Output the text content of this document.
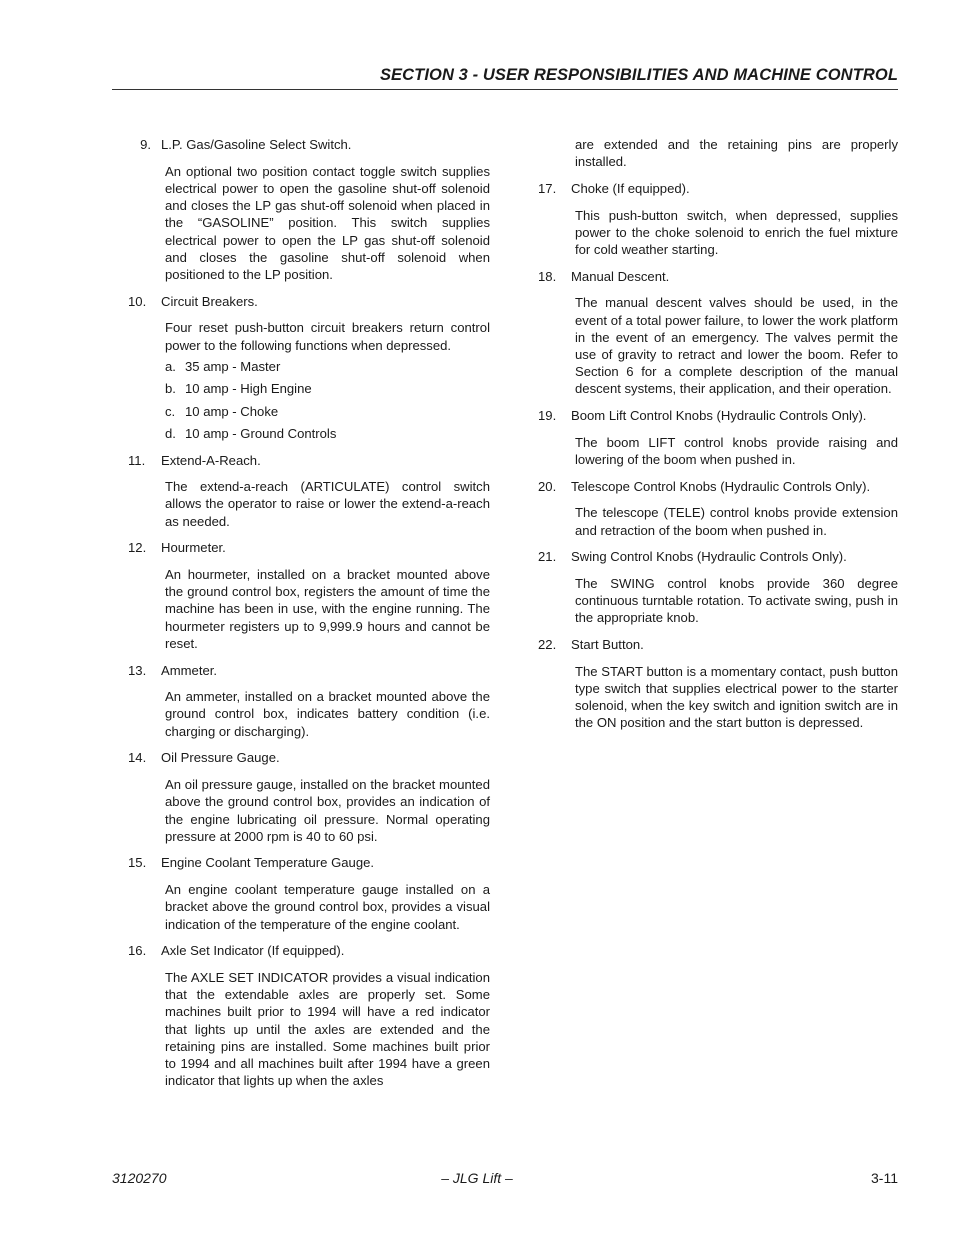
SECTION 3 - USER RESPONSIBILITIES AND MACHINE CONTROL
9. L.P. Gas/Gasoline Select Switch.
An optional two position contact toggle switch supplies electrical power to open the gasoline shut-off solenoid and closes the LP gas shut-off solenoid when placed in the “GASOLINE” position. This switch supplies electrical power to open the LP gas shut-off solenoid and closes the gasoline shut-off solenoid when positioned to the LP position.
10.	Circuit Breakers.
Four reset push-button circuit breakers return control power to the following functions when depressed.
a. 35 amp - Master
b. 10 amp - High Engine
c. 10 amp - Choke
d. 10 amp - Ground Controls
11.	Extend-A-Reach.
The extend-a-reach (ARTICULATE) control switch allows the operator to raise or lower the extend-a-reach as needed.
12.	Hourmeter.
An hourmeter, installed on a bracket mounted above the ground control box, registers the amount of time the machine has been in use, with the engine running. The hourmeter registers up to 9,999.9 hours and cannot be reset.
13.	Ammeter.
An ammeter, installed on a bracket mounted above the ground control box, indicates battery condition (i.e. charging or discharging).
14.	Oil Pressure Gauge.
An oil pressure gauge, installed on the bracket mounted above the ground control box, provides an indication of the engine lubricating oil pressure. Normal operating pressure at 2000 rpm is 40 to 60 psi.
15.	Engine Coolant Temperature Gauge.
An engine coolant temperature gauge installed on a bracket above the ground control box, provides a visual indication of the temperature of the engine coolant.
16.	Axle Set Indicator (If equipped).
The AXLE SET INDICATOR provides a visual indication that the extendable axles are properly set. Some machines built prior to 1994 will have a red indicator that lights up until the axles are extended and the retaining pins are installed. Some machines built prior to 1994 and all machines built after 1994 have a green indicator that lights up when the axles
are extended and the retaining pins are properly installed.
17.	Choke (If equipped).
This push-button switch, when depressed, supplies power to the choke solenoid to enrich the fuel mixture for cold weather starting.
18.	Manual Descent.
The manual descent valves should be used, in the event of a total power failure, to lower the work platform in the event of an emergency. The valves permit the use of gravity to retract and lower the boom. Refer to Section 6 for a complete description of the manual descent systems, their application, and their operation.
19.	Boom Lift Control Knobs (Hydraulic Controls Only).
The boom LIFT control knobs provide raising and lowering of the boom when pushed in.
20.	Telescope Control Knobs (Hydraulic Controls Only).
The telescope (TELE) control knobs provide extension and retraction of the boom when pushed in.
21.	Swing Control Knobs (Hydraulic Controls Only).
The SWING control knobs provide 360 degree continuous turntable rotation. To activate swing, push in the appropriate knob.
22.	Start Button.
The START button is a momentary contact, push button type switch that supplies electrical power to the starter solenoid, when the key switch and ignition switch are in the ON position and the start button is depressed.
3120270	– JLG Lift –	3-11
